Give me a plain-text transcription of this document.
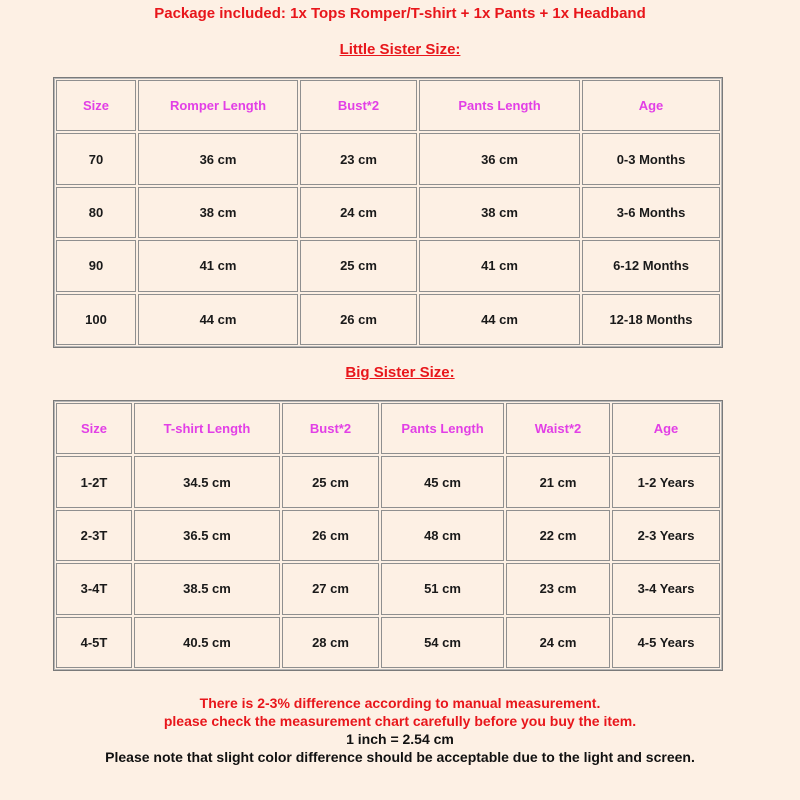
Package included: 1x Tops Romper/T-shirt + 1x Pants + 1x Headband
Little Sister Size:
Size	Romper Length	Bust*2	Pants Length	Age
70	36 cm	23 cm	36 cm	0-3 Months
80	38 cm	24 cm	38 cm	3-6 Months
90	41 cm	25 cm	41 cm	6-12 Months
100	44 cm	26 cm	44 cm	12-18 Months
Big Sister Size:
Size	T-shirt Length	Bust*2	Pants Length	Waist*2	Age
1-2T	34.5 cm	25 cm	45 cm	21 cm	1-2 Years
2-3T	36.5 cm	26 cm	48 cm	22 cm	2-3 Years
3-4T	38.5 cm	27 cm	51 cm	23 cm	3-4 Years
4-5T	40.5 cm	28 cm	54 cm	24 cm	4-5 Years
There is 2-3% difference according to manual measurement.
please check the measurement chart carefully before you buy the item.
1 inch = 2.54 cm
Please note that slight color difference should be acceptable due to the light and screen.
